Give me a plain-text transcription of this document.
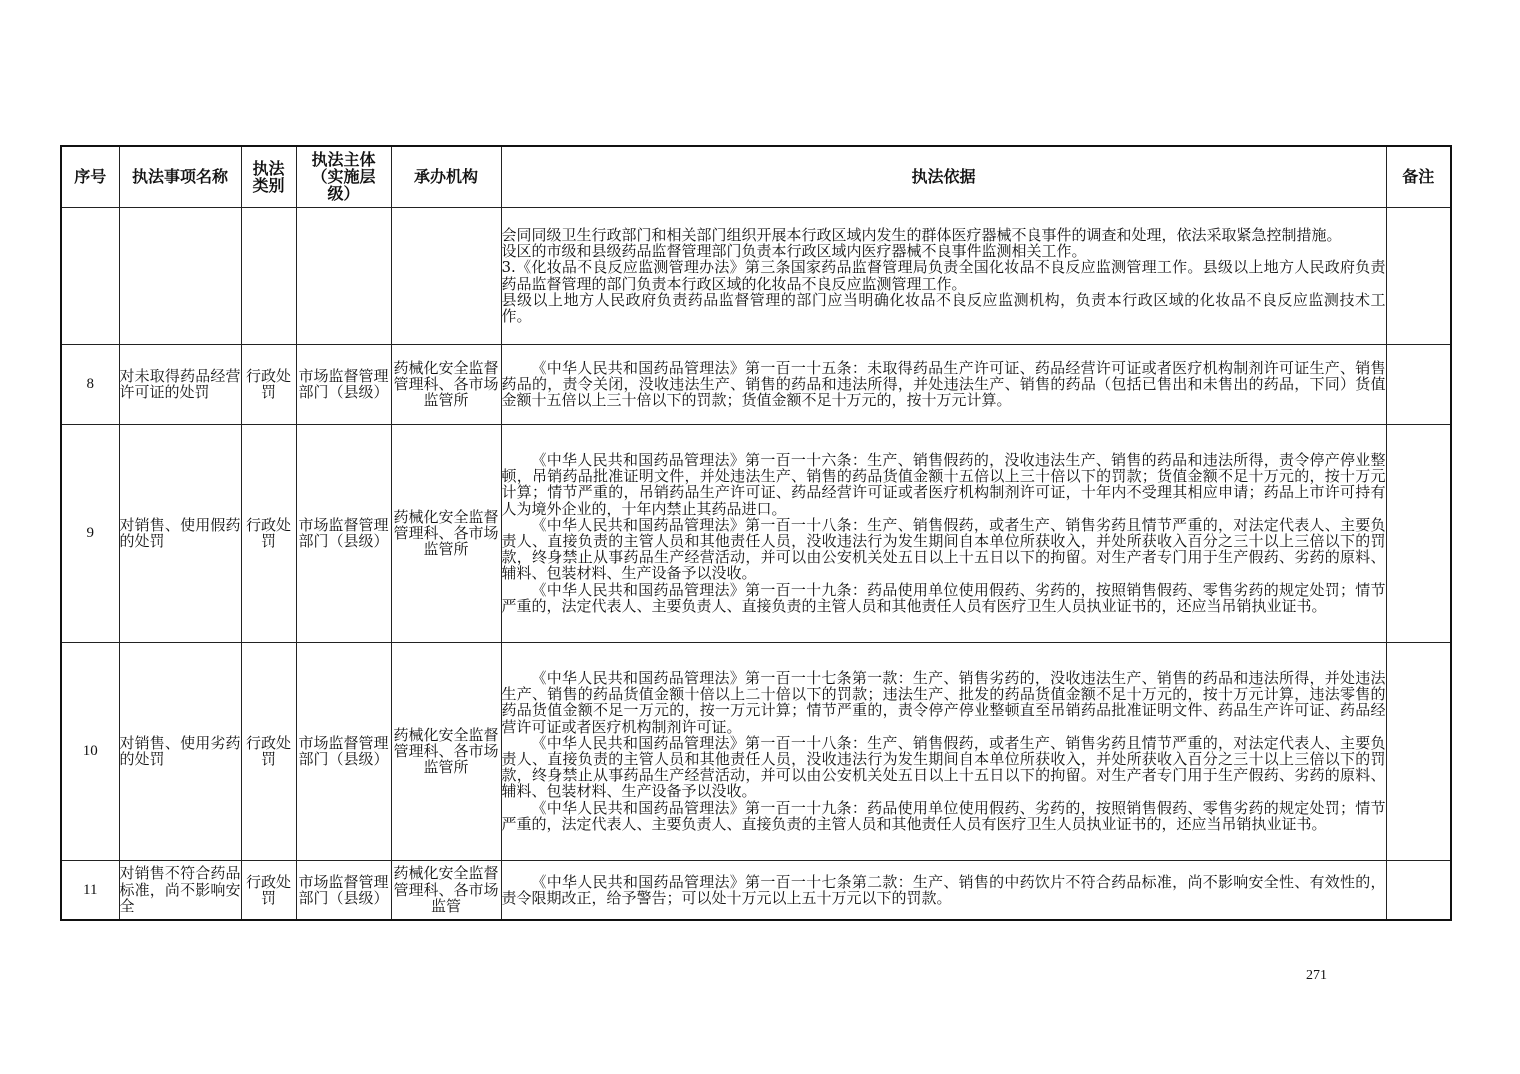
序号	执法事项名称	执法类别	执法主体（实施层级）	承办机构	执法依据	备注

					会同同级卫生行政部门和相关部门组织开展本行政区域内发生的群体医疗器械不良事件的调查和处理，依法采取紧急控制措施。

设区的市级和县级药品监督管理部门负责本行政区域内医疗器械不良事件监测相关工作。

3.《化妆品不良反应监测管理办法》第三条国家药品监督管理局负责全国化妆品不良反应监测管理工作。县级以上地方人民政府负责药品监督管理的部门负责本行政区域的化妆品不良反应监测管理工作。

县级以上地方人民政府负责药品监督管理的部门应当明确化妆品不良反应监测机构，负责本行政区域的化妆品不良反应监测技术工作。	

8	对未取得药品经营许可证的处罚	行政处罚	市场监督管理部门（县级）	药械化安全监督管理科、各市场监管所	《中华人民共和国药品管理法》第一百一十五条：未取得药品生产许可证、药品经营许可证或者医疗机构制剂许可证生产、销售药品的，责令关闭，没收违法生产、销售的药品和违法所得，并处违法生产、销售的药品（包括已售出和未售出的药品，下同）货值金额十五倍以上三十倍以下的罚款；货值金额不足十万元的，按十万元计算。	

9	对销售、使用假药的处罚	行政处罚	市场监督管理部门（县级）	药械化安全监督管理科、各市场监管所	《中华人民共和国药品管理法》第一百一十六条：生产、销售假药的，没收违法生产、销售的药品和违法所得，责令停产停业整顿，吊销药品批准证明文件，并处违法生产、销售的药品货值金额十五倍以上三十倍以下的罚款；货值金额不足十万元的，按十万元计算；情节严重的，吊销药品生产许可证、药品经营许可证或者医疗机构制剂许可证，十年内不受理其相应申请；药品上市许可持有人为境外企业的，十年内禁止其药品进口。

《中华人民共和国药品管理法》第一百一十八条：生产、销售假药，或者生产、销售劣药且情节严重的，对法定代表人、主要负责人、直接负责的主管人员和其他责任人员，没收违法行为发生期间自本单位所获收入，并处所获收入百分之三十以上三倍以下的罚款，终身禁止从事药品生产经营活动，并可以由公安机关处五日以上十五日以下的拘留。对生产者专门用于生产假药、劣药的原料、辅料、包装材料、生产设备予以没收。

《中华人民共和国药品管理法》第一百一十九条：药品使用单位使用假药、劣药的，按照销售假药、零售劣药的规定处罚；情节严重的，法定代表人、主要负责人、直接负责的主管人员和其他责任人员有医疗卫生人员执业证书的，还应当吊销执业证书。	

10	对销售、使用劣药的处罚	行政处罚	市场监督管理部门（县级）	药械化安全监督管理科、各市场监管所	《中华人民共和国药品管理法》第一百一十七条第一款：生产、销售劣药的，没收违法生产、销售的药品和违法所得，并处违法生产、销售的药品货值金额十倍以上二十倍以下的罚款；违法生产、批发的药品货值金额不足十万元的，按十万元计算，违法零售的药品货值金额不足一万元的，按一万元计算；情节严重的，责令停产停业整顿直至吊销药品批准证明文件、药品生产许可证、药品经营许可证或者医疗机构制剂许可证。

《中华人民共和国药品管理法》第一百一十八条：生产、销售假药，或者生产、销售劣药且情节严重的，对法定代表人、主要负责人、直接负责的主管人员和其他责任人员，没收违法行为发生期间自本单位所获收入，并处所获收入百分之三十以上三倍以下的罚款，终身禁止从事药品生产经营活动，并可以由公安机关处五日以上十五日以下的拘留。对生产者专门用于生产假药、劣药的原料、辅料、包装材料、生产设备予以没收。

《中华人民共和国药品管理法》第一百一十九条：药品使用单位使用假药、劣药的，按照销售假药、零售劣药的规定处罚；情节严重的，法定代表人、主要负责人、直接负责的主管人员和其他责任人员有医疗卫生人员执业证书的，还应当吊销执业证书。	

11	对销售不符合药品标准，尚不影响安全	行政处罚	市场监督管理部门（县级）	药械化安全监督管理科、各市场监管	《中华人民共和国药品管理法》第一百一十七条第二款：生产、销售的中药饮片不符合药品标准，尚不影响安全性、有效性的，责令限期改正，给予警告；可以处十万元以上五十万元以下的罚款。	

271
